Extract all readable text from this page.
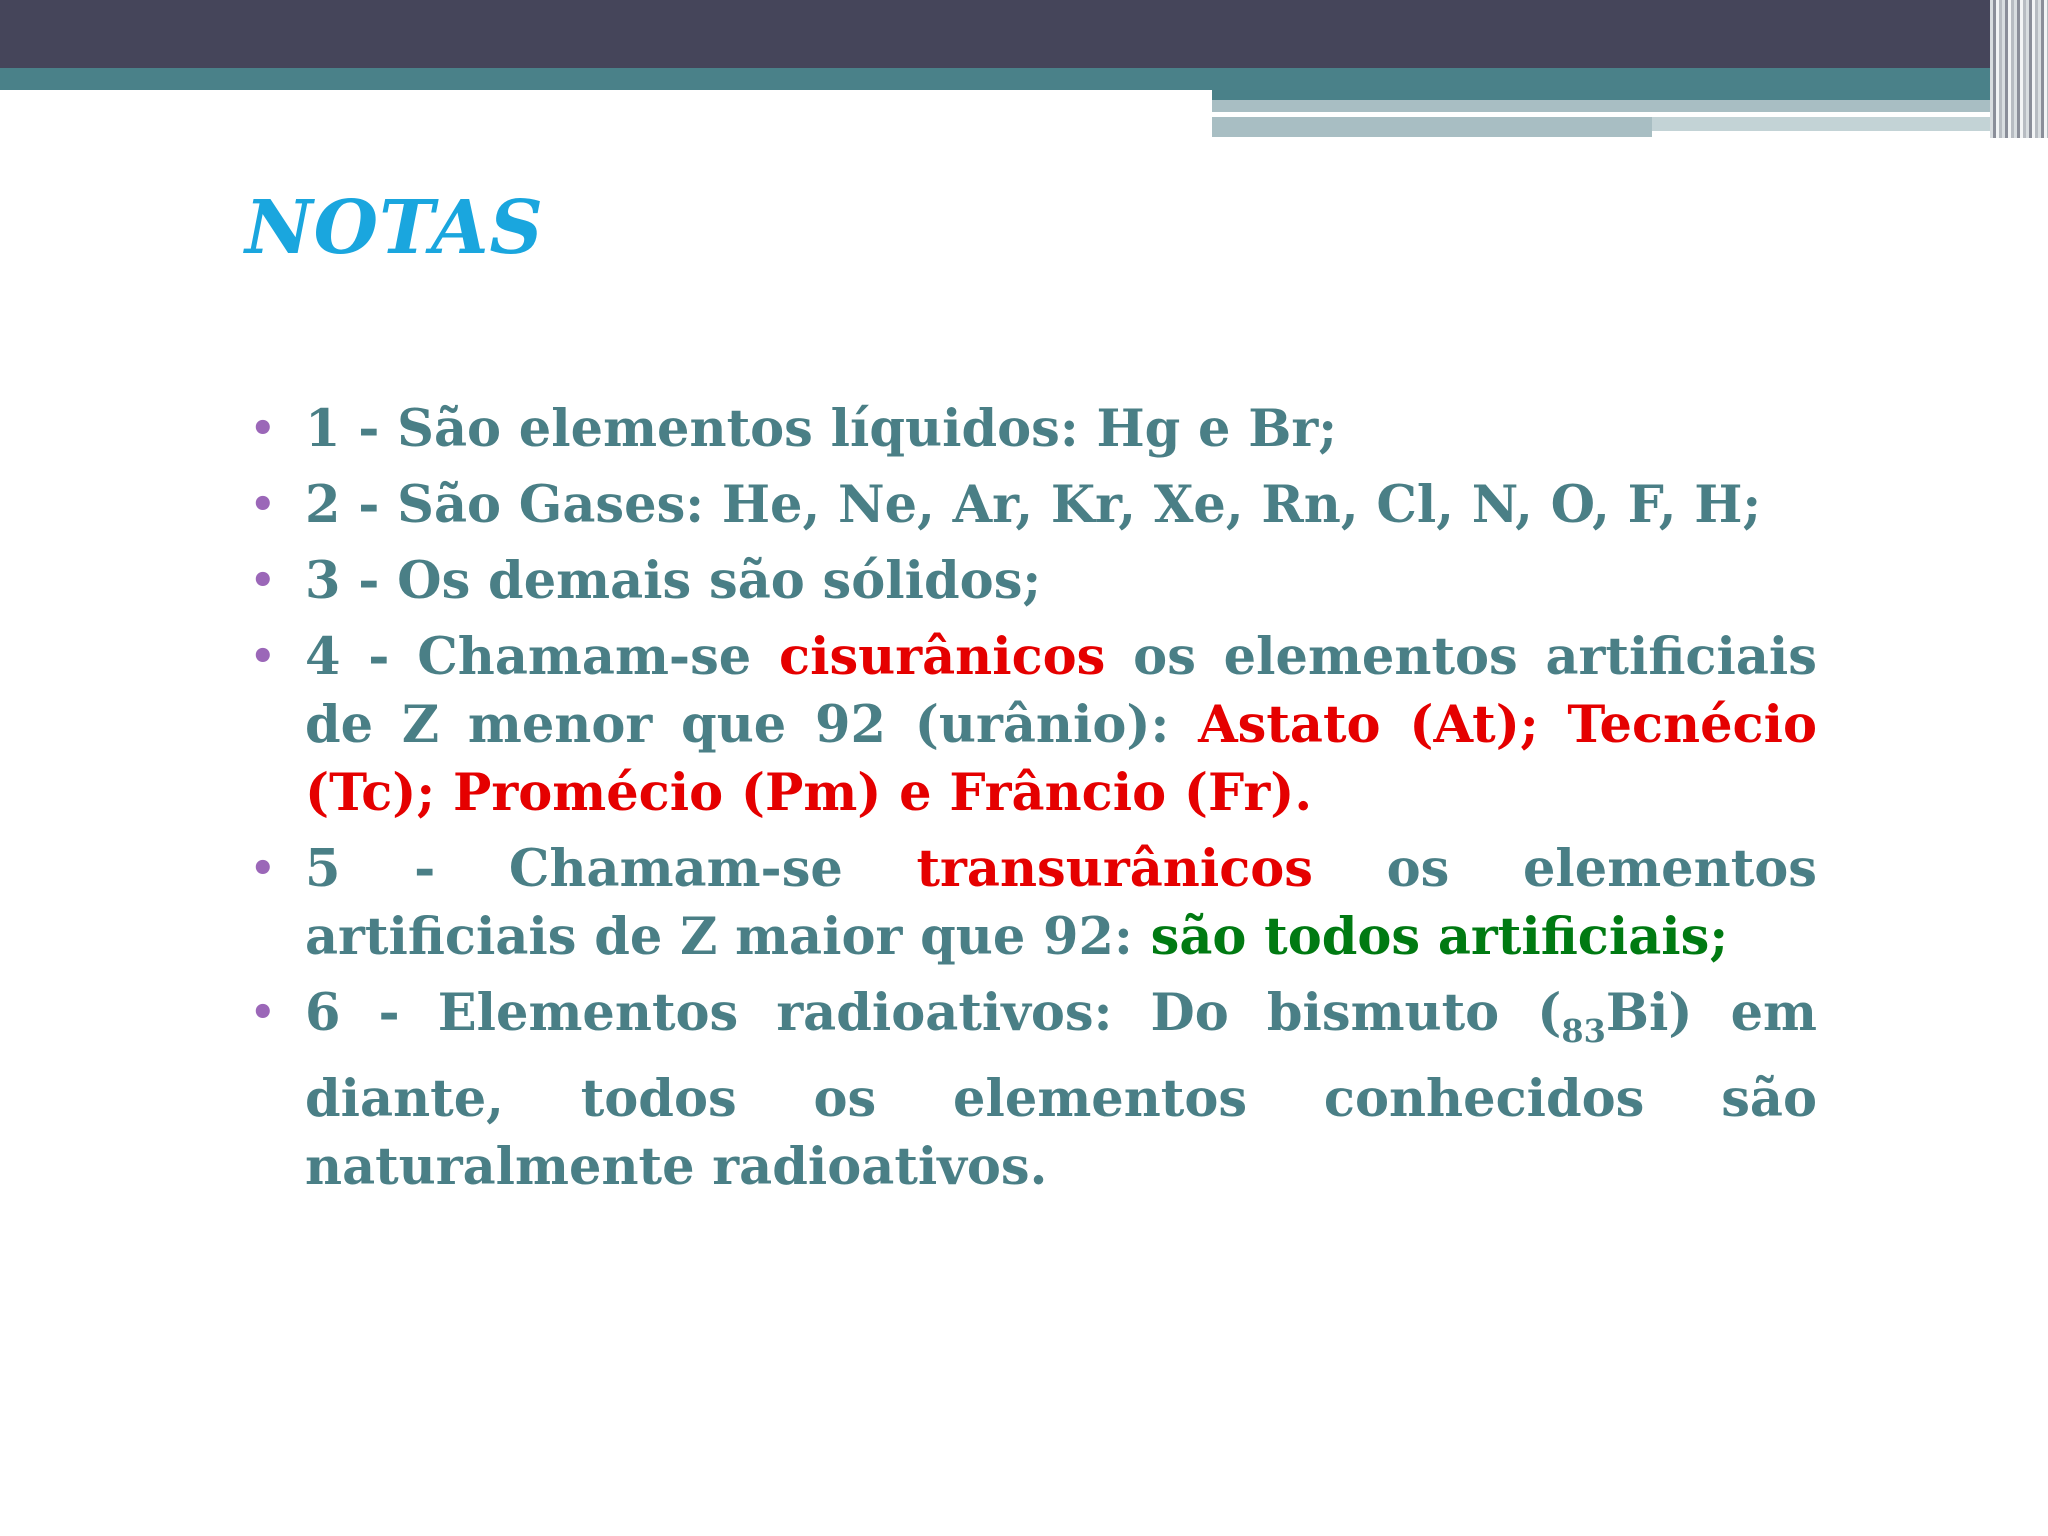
NOTAS
• 1 - São elementos líquidos: Hg e Br;
• 2 - São Gases: He, Ne, Ar, Kr, Xe, Rn, Cl, N, O, F, H;
• 3 - Os demais são sólidos;
• 4 - Chamam-se cisurânicos os elementos artificiais de Z menor que 92 (urânio): Astato (At); Tecnécio (Tc); Promécio (Pm) e Frâncio (Fr).
• 5 - Chamam-se transurânicos os elementos artificiais de Z maior que 92: são todos artificiais;
• 6 - Elementos radioativos: Do bismuto $(_{83}Bi)$ em diante, todos os elementos conhecidos são naturalmente radioativos.
